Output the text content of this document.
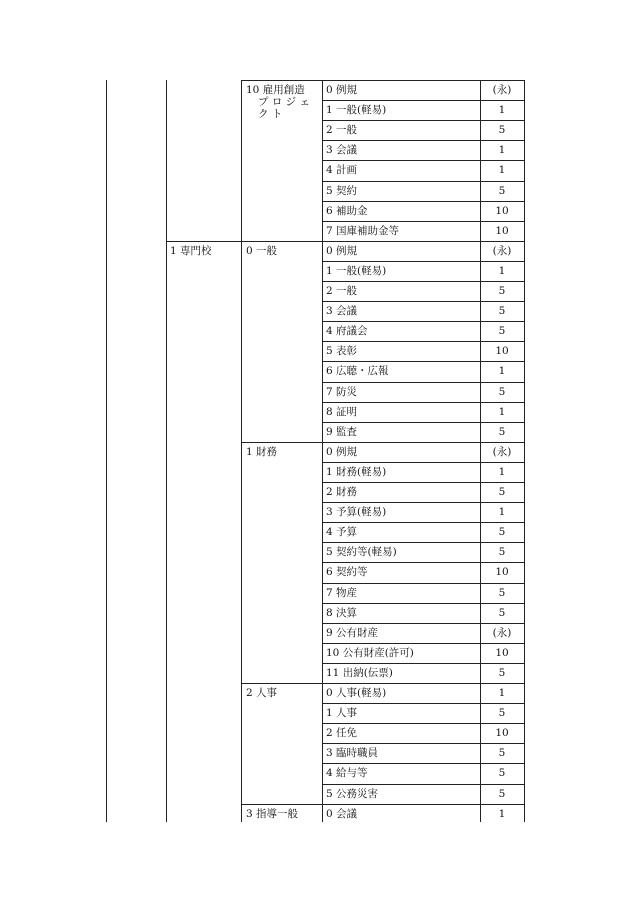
10 雇用創造
プ ロ ジ ェ
ク ト
0 例規	(永)
1 一般(軽易)	1
2 一般	5
3 会議	1
4 計画	1
5 契約	5
6 補助金	10
7 国庫補助金等	10
1 専門校	0 一般	0 例規	(永)
1 一般(軽易)	1
2 一般	5
3 会議	5
4 府議会	5
5 表彰	10
6 広聴・広報	1
7 防災	5
8 証明	1
9 監査	5
1 財務	0 例規	(永)
1 財務(軽易)	1
2 財務	5
3 予算(軽易)	1
4 予算	5
5 契約等(軽易)	5
6 契約等	10
7 物産	5
8 決算	5
9 公有財産	(永)
10 公有財産(許可)	10
11 出納(伝票)	5
2 人事	0 人事(軽易)	1
1 人事	5
2 任免	10
3 臨時職員	5
4 給与等	5
5 公務災害	5
3 指導一般	0 会議	1
